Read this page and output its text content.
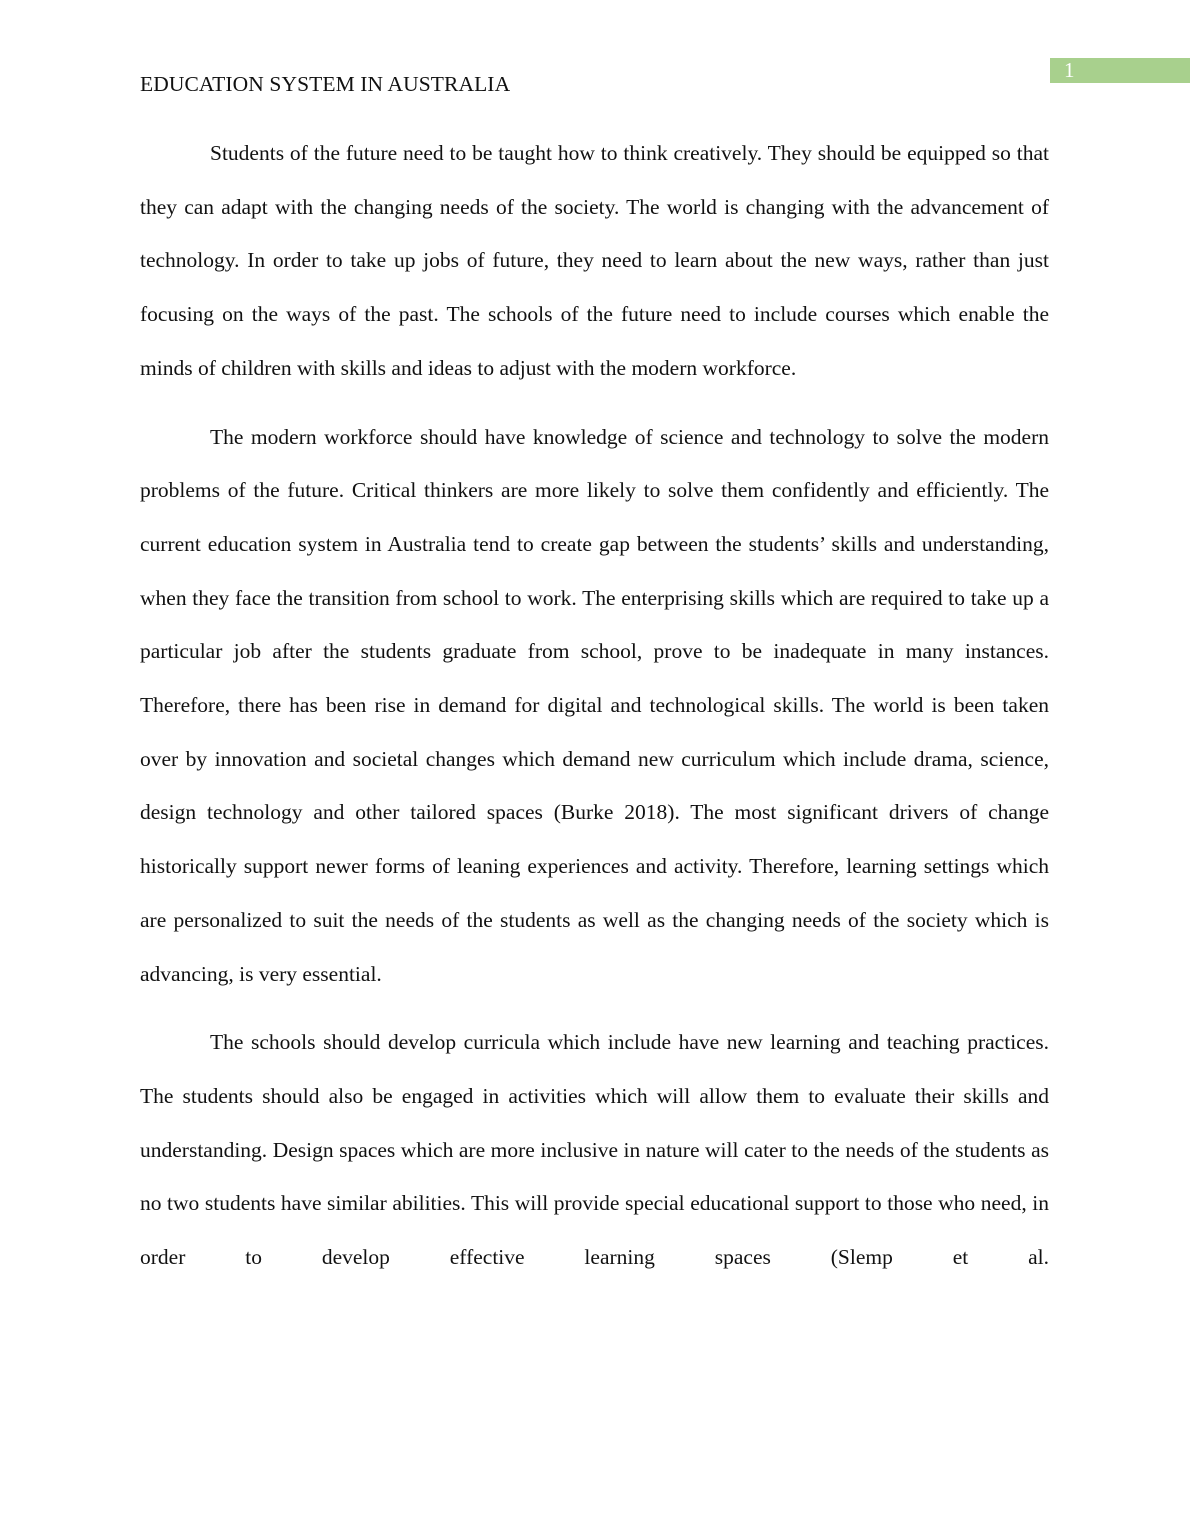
1
EDUCATION SYSTEM IN AUSTRALIA

Students of the future need to be taught how to think creatively. They should be equipped so that they can adapt with the changing needs of the society. The world is changing with the advancement of technology. In order to take up jobs of future, they need to learn about the new ways, rather than just focusing on the ways of the past. The schools of the future need to include courses which enable the minds of children with skills and ideas to adjust with the modern workforce.

The modern workforce should have knowledge of science and technology to solve the modern problems of the future. Critical thinkers are more likely to solve them confidently and efficiently. The current education system in Australia tend to create gap between the students’ skills and understanding, when they face the transition from school to work. The enterprising skills which are required to take up a particular job after the students graduate from school, prove to be inadequate in many instances. Therefore, there has been rise in demand for digital and technological skills. The world is been taken over by innovation and societal changes which demand new curriculum which include drama, science, design technology and other tailored spaces (Burke 2018). The most significant drivers of change historically support newer forms of leaning experiences and activity. Therefore, learning settings which are personalized to suit the needs of the students as well as the changing needs of the society which is advancing, is very essential.

The schools should develop curricula which include have new learning and teaching practices. The students should also be engaged in activities which will allow them to evaluate their skills and understanding. Design spaces which are more inclusive in nature will cater to the needs of the students as no two students have similar abilities. This will provide special educational support to those who need, in order to develop effective learning spaces (Slemp et al.
